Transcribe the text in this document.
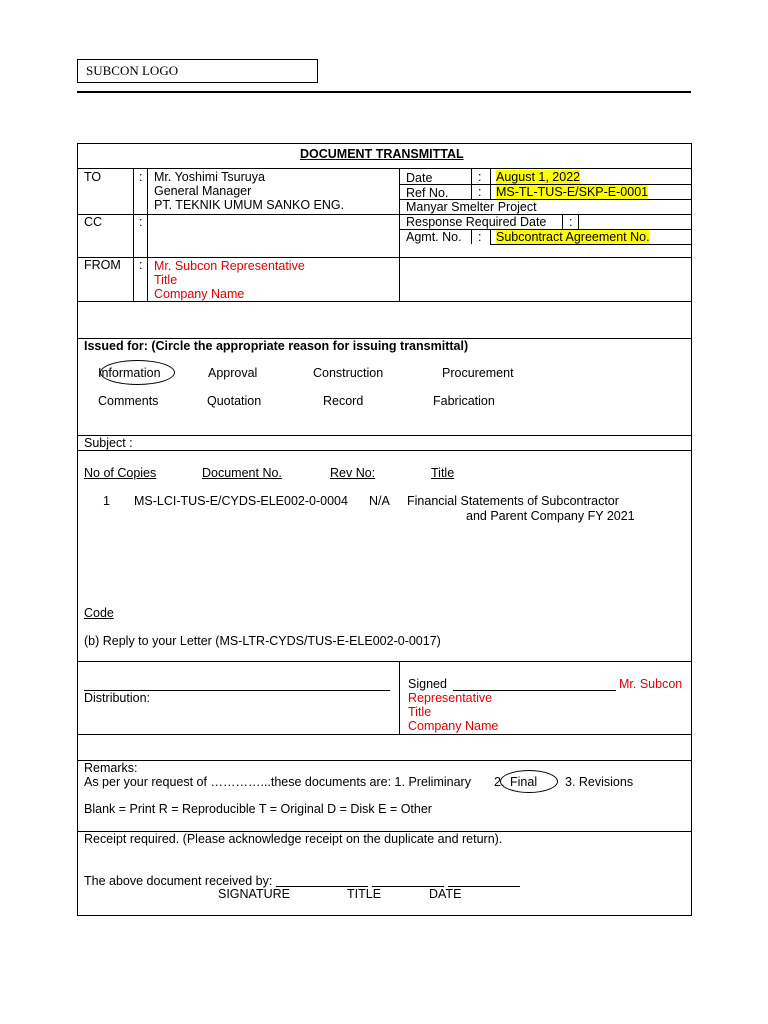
SUBCON LOGO
DOCUMENT TRANSMITTAL
TO	: Mr. Yoshimi Tsuruya
General Manager
PT. TEKNIK UMUM SANKO ENG.
Date	: August 1, 2022
Ref No. : MS-TL-TUS-E/SKP-E-0001
Manyar Smelter Project
CC	:	Response Required Date :
Agmt. No. : Subcontract Agreement No.
FROM : Mr. Subcon Representative
Title
Company Name
Issued for: (Circle the appropriate reason for issuing transmittal)
Information	Approval	Construction	Procurement
Comments	Quotation	Record	Fabrication
Subject :
No of Copies	Document No.	Rev No:	Title
1 MS-LCI-TUS-E/CYDS-ELE002-0-0004 N/A Financial Statements of Subcontractor
and Parent Company FY 2021
Code
(b) Reply to your Letter (MS-LTR-CYDS/TUS-E-ELE002-0-0017)
Distribution:
Signed	Mr. Subcon
Representative
Title
Company Name
Remarks:
As per your request of …………...these documents are: 1. Preliminary 2. Final 3. Revisions
Blank = Print R = Reproducible T = Original D = Disk E = Other
Receipt required. (Please acknowledge receipt on the duplicate and return).
The above document received by:
SIGNATURE	TITLE	DATE
